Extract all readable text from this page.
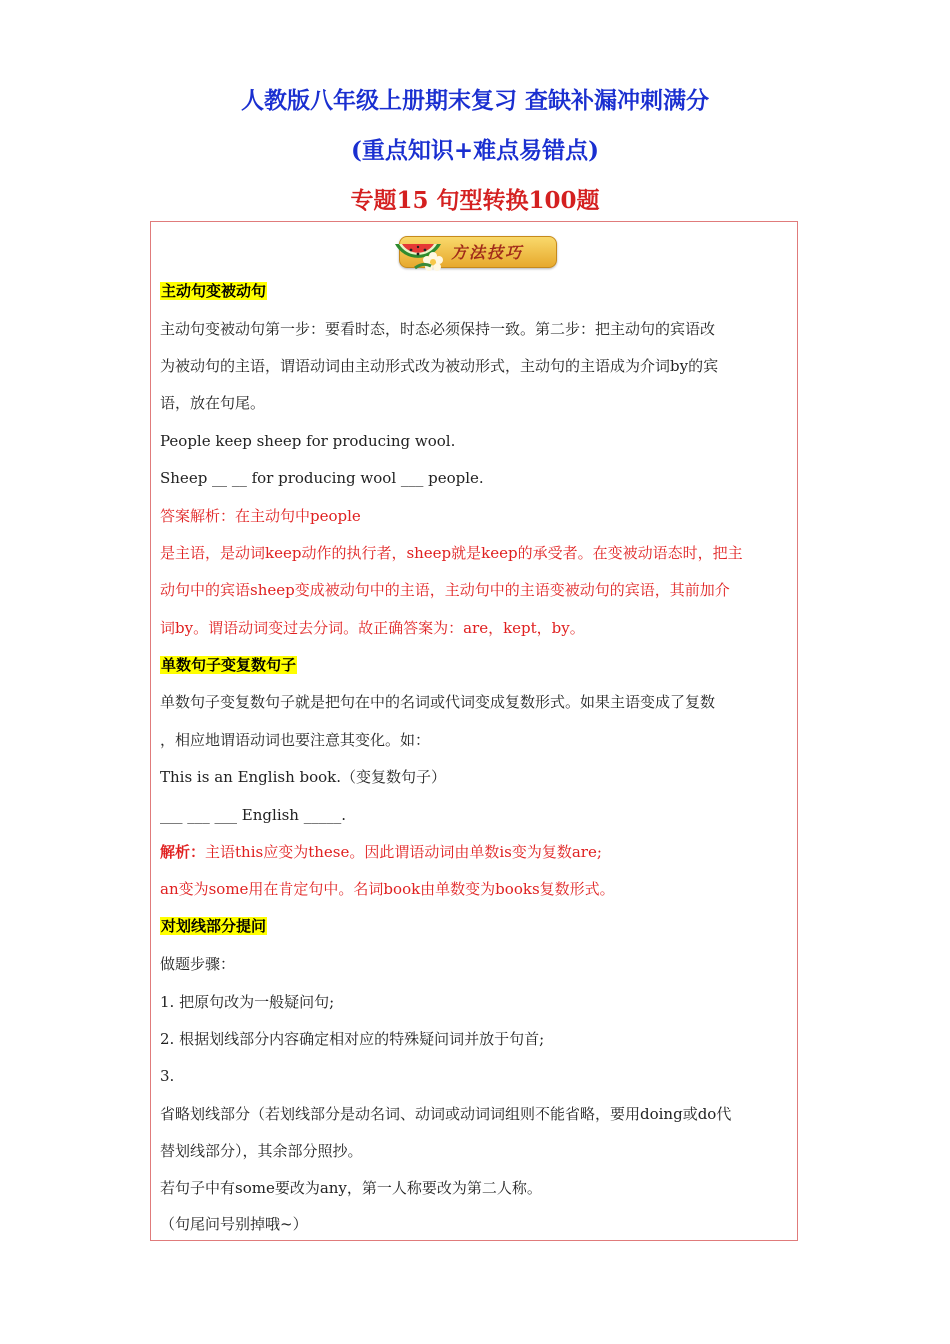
人教版八年级上册期末复习 查缺补漏冲刺满分
(重点知识+难点易错点)
专题15 句型转换100题
方法技巧
主动句变被动句
主动句变被动句第一步：要看时态，时态必须保持一致。第二步：把主动句的宾语改
为被动句的主语，谓语动词由主动形式改为被动形式，主动句的主语成为介词by的宾
语，放在句尾。
People keep sheep for producing wool.
Sheep __ __ for producing wool ___ people.
答案解析：在主动句中people
是主语，是动词keep动作的执行者，sheep就是keep的承受者。在变被动语态时，把主
动句中的宾语sheep变成被动句中的主语，主动句中的主语变被动句的宾语，其前加介
词by。谓语动词变过去分词。故正确答案为：are，kept，by。
单数句子变复数句子
单数句子变复数句子就是把句在中的名词或代词变成复数形式。如果主语变成了复数
，相应地谓语动词也要注意其变化。如：
This is an English book.（变复数句子）
___ ___ ___ English _____.
解析：主语this应变为these。因此谓语动词由单数is变为复数are;
an变为some用在肯定句中。名词book由单数变为books复数形式。
对划线部分提问
做题步骤：
1. 把原句改为一般疑问句;
2. 根据划线部分内容确定相对应的特殊疑问词并放于句首;
3.
省略划线部分（若划线部分是动名词、动词或动词词组则不能省略，要用doing或do代
替划线部分），其余部分照抄。
若句子中有some要改为any，第一人称要改为第二人称。
（句尾问号别掉哦~）
